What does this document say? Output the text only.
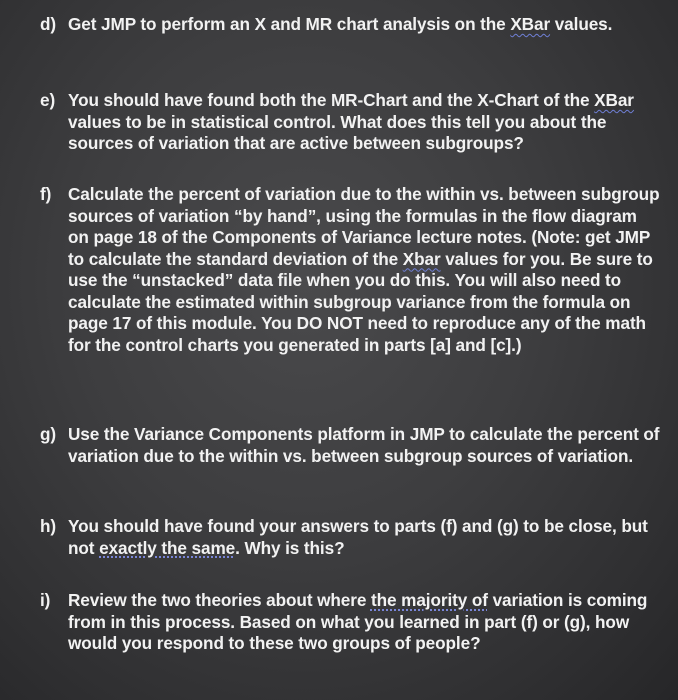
d) Get JMP to perform an X and MR chart analysis on the XBar values.
e) You should have found both the MR-Chart and the X-Chart of the XBar values to be in statistical control. What does this tell you about the sources of variation that are active between subgroups?
f) Calculate the percent of variation due to the within vs. between subgroup sources of variation “by hand”, using the formulas in the flow diagram on page 18 of the Components of Variance lecture notes. (Note: get JMP to calculate the standard deviation of the Xbar values for you. Be sure to use the “unstacked” data file when you do this. You will also need to calculate the estimated within subgroup variance from the formula on page 17 of this module. You DO NOT need to reproduce any of the math for the control charts you generated in parts [a] and [c].)
g) Use the Variance Components platform in JMP to calculate the percent of variation due to the within vs. between subgroup sources of variation.
h) You should have found your answers to parts (f) and (g) to be close, but not exactly the same. Why is this?
i)	Review the two theories about where the majority of variation is coming from in this process. Based on what you learned in part (f) or (g), how would you respond to these two groups of people?
